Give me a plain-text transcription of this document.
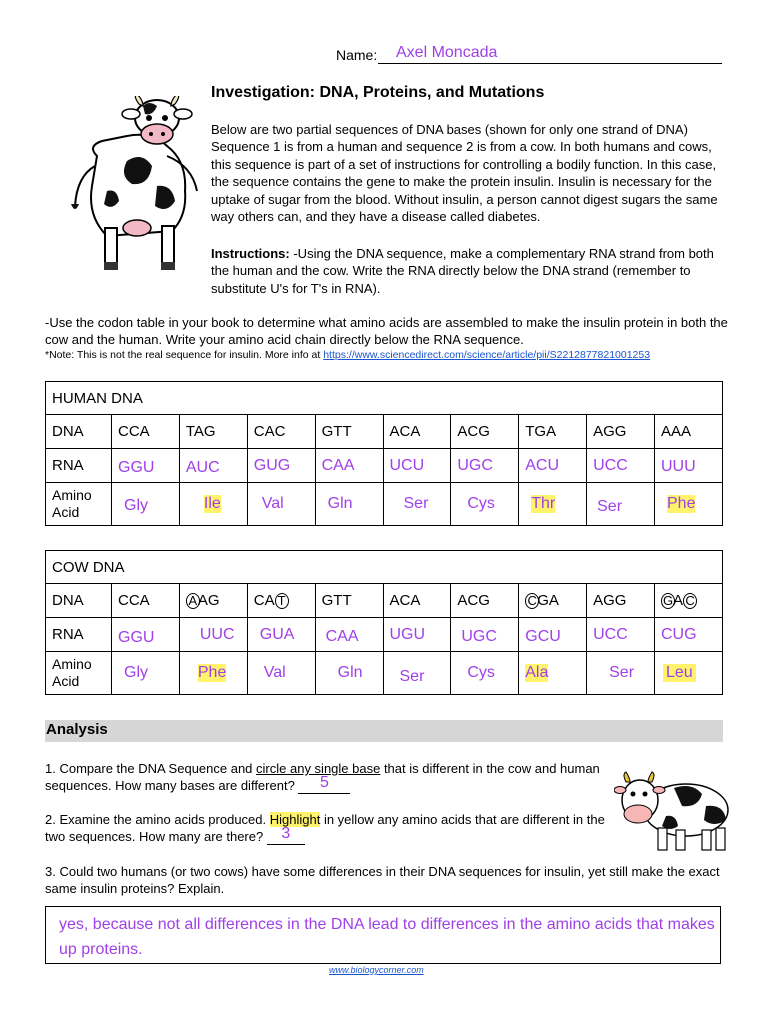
Name: Axel Moncada
Investigation: DNA, Proteins, and Mutations
Below are two partial sequences of DNA bases (shown for only one strand of DNA) Sequence 1 is from a human and sequence 2 is from a cow. In both humans and cows, this sequence is part of a set of instructions for controlling a bodily function. In this case, the sequence contains the gene to make the protein insulin. Insulin is necessary for the uptake of sugar from the blood. Without insulin, a person cannot digest sugars the same way others can, and they have a disease called diabetes.
Instructions: -Using the DNA sequence, make a complementary RNA strand from both the human and the cow. Write the RNA directly below the DNA strand (remember to substitute U's for T's in RNA).
-Use the codon table in your book to determine what amino acids are assembled to make the insulin protein in both the cow and the human. Write your amino acid chain directly below the RNA sequence.
*Note: This is not the real sequence for insulin. More info at https://www.sciencedirect.com/science/article/pii/S2212877821001253
HUMAN DNA									
DNA	CCA	TAG	CAC	GTT	ACA	ACG	TGA	AGG	AAA
RNA	GGU	AUC	GUG	CAA	UCU	UGC	ACU	UCC	UUU
Amino Acid	Gly	Ile	Val	Gln	Ser	Cys	Thr	Ser	Phe
COW DNA									
DNA	CCA	AAG	CA T	GTT	ACA	ACG	CGA	AGG	GA C
RNA	GGU	UUC	GUA	CAA	UGU	UGC	GCU	UCC	CUG
Amino Acid	Gly	Phe	Val	Gln	Ser	Cys	Ala	Ser	Leu
Analysis
1. Compare the DNA Sequence and circle any single base that is different in the cow and human sequences. How many bases are different? 5
2. Examine the amino acids produced. Highlight in yellow any amino acids that are different in the two sequences. How many are there? 3
3. Could two humans (or two cows) have some differences in their DNA sequences for insulin, yet still make the exact same insulin proteins? Explain.
yes, because not all differences in the DNA lead to differences in the amino acids that makes up proteins.
www.biologycorner.com
